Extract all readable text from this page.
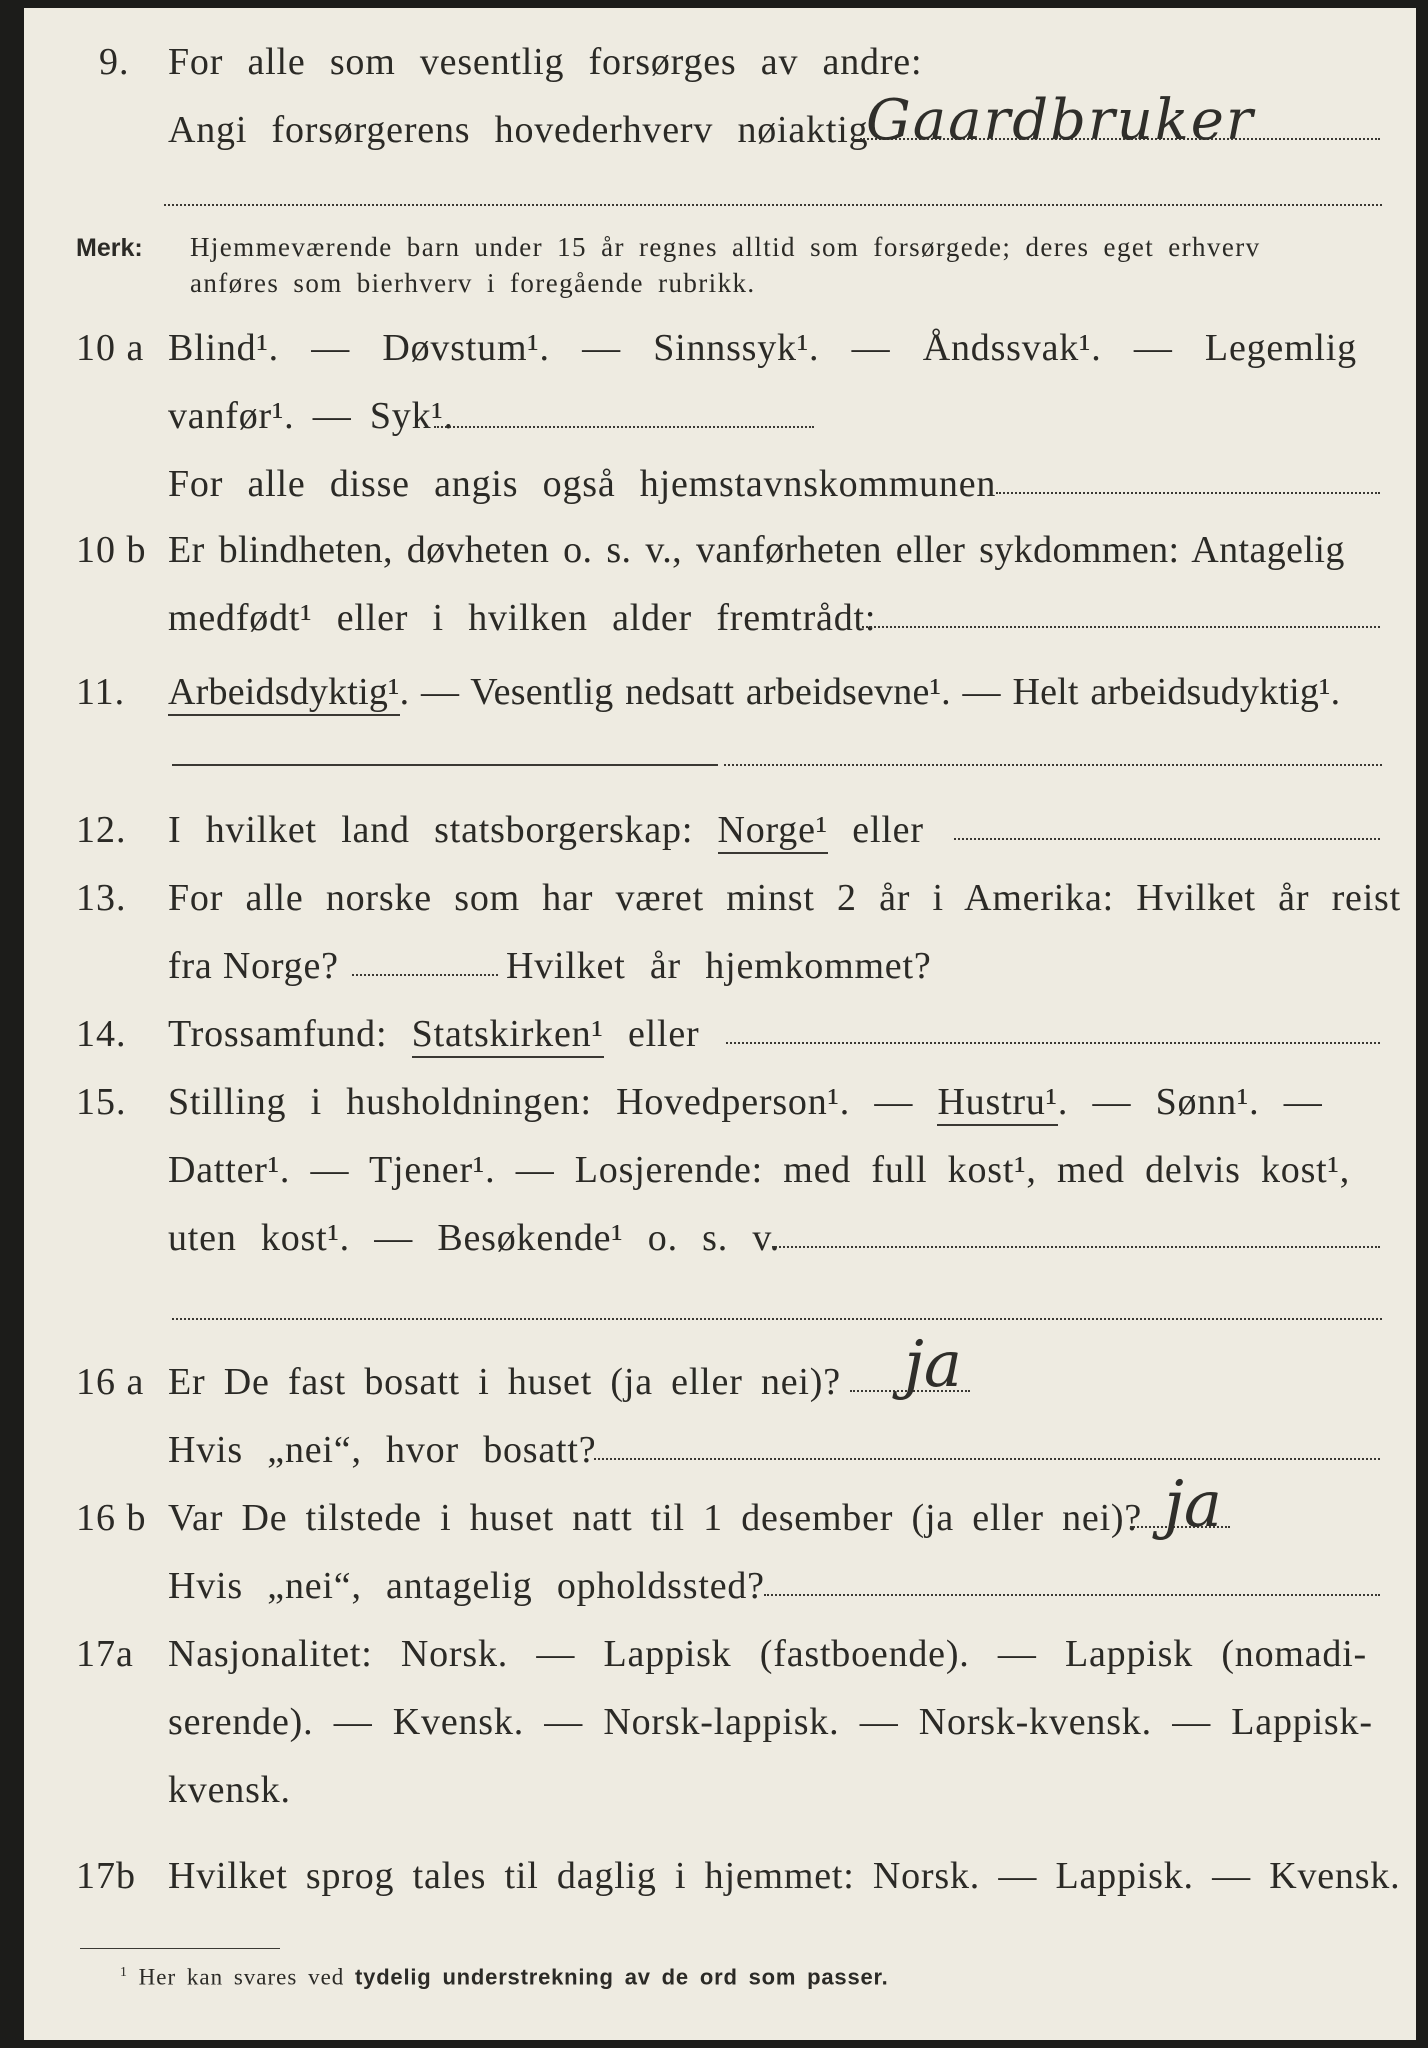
9. For alle som vesentlig forsørges av andre:
Angi forsørgerens hovederhverv nøiaktig
Gaardbruker
Merk: Hjemmeværende barn under 15 år regnes alltid som forsørgede; deres eget erhverv
anføres som bierhverv i foregående rubrikk.
10 a Blind¹. — Døvstum¹. — Sinnssyk¹. — Åndssvak¹. — Legemlig
vanfør¹. — Syk¹.
For alle disse angis også hjemstavnskommunen
10 b Er blindheten, døvheten o. s. v., vanførheten eller sykdommen: Antagelig
medfødt¹ eller i hvilken alder fremtrådt:
11. Arbeidsdyktig¹. — Vesentlig nedsatt arbeidsevne¹. — Helt arbeidsudyktig¹.
12. I hvilket land statsborgerskap: Norge¹ eller
13. For alle norske som har været minst 2 år i Amerika: Hvilket år reist
fra Norge?	Hvilket år hjemkommet?
14. Trossamfund: Statskirken¹ eller
15. Stilling i husholdningen: Hovedperson¹. — Hustru¹. — Sønn¹. —
Datter¹. — Tjener¹. — Losjerende: med full kost¹, med delvis kost¹,
uten kost¹. — Besøkende¹ o. s. v.
16 a Er De fast bosatt i huset (ja eller nei)? ja
Hvis „nei“, hvor bosatt?
16 b Var De tilstede i huset natt til 1 desember (ja eller nei)? ja
Hvis „nei“, antagelig opholdssted?
17a Nasjonalitet: Norsk. — Lappisk (fastboende). — Lappisk (nomadi-
serende). — Kvensk. — Norsk-lappisk. — Norsk-kvensk. — Lappisk-
kvensk.
17b Hvilket sprog tales til daglig i hjemmet: Norsk. — Lappisk. — Kvensk.
$^1$ Her kan svares ved tydelig understrekning av de ord som passer.
